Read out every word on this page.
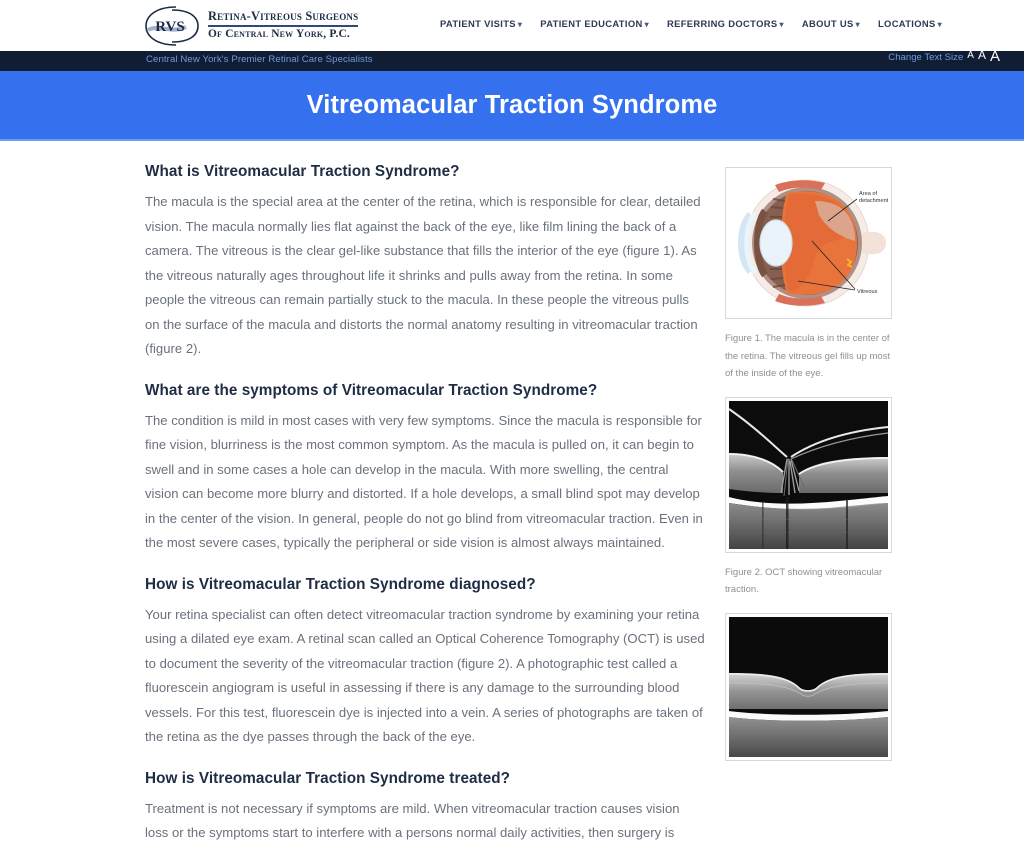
RVS
Retina-Vitreous Surgeons
Of Central New York, P.C.
PATIENT VISITS ▾ PATIENT EDUCATION ▾ REFERRING DOCTORS ▾ ABOUT US ▾ LOCATIONS ▾
Central New York's Premier Retinal Care Specialists	Change Text Size A A A
Vitreomacular Traction Syndrome
What is Vitreomacular Traction Syndrome?

The macula is the special area at the center of the retina, which is responsible for clear, detailed vision. The macula normally lies flat against the back of the eye, like film lining the back of a camera. The vitreous is the clear gel-like substance that fills the interior of the eye (figure 1). As the vitreous naturally ages throughout life it shrinks and pulls away from the retina. In some people the vitreous can remain partially stuck to the macula. In these people the vitreous pulls on the surface of the macula and distorts the normal anatomy resulting in vitreomacular traction (figure 2).

What are the symptoms of Vitreomacular Traction Syndrome?

The condition is mild in most cases with very few symptoms. Since the macula is responsible for fine vision, blurriness is the most common symptom. As the macula is pulled on, it can begin to swell and in some cases a hole can develop in the macula. With more swelling, the central vision can become more blurry and distorted. If a hole develops, a small blind spot may develop in the center of the vision. In general, people do not go blind from vitreomacular traction. Even in the most severe cases, typically the peripheral or side vision is almost always maintained.

How is Vitreomacular Traction Syndrome diagnosed?

Your retina specialist can often detect vitreomacular traction syndrome by examining your retina using a dilated eye exam. A retinal scan called an Optical Coherence Tomography (OCT) is used to document the severity of the vitreomacular traction (figure 2). A photographic test called a fluorescein angiogram is useful in assessing if there is any damage to the surrounding blood vessels. For this test, fluorescein dye is injected into a vein. A series of photographs are taken of the retina as the dye passes through the back of the eye.

How is Vitreomacular Traction Syndrome treated?

Treatment is not necessary if symptoms are mild. When vitreomacular traction causes vision loss or the symptoms start to interfere with a persons normal daily activities, then surgery is

Area of
detachment
Vitreous
Figure 1. The macula is in the center of the retina. The vitreous gel fills up most of the inside of the eye.
Figure 2. OCT showing vitreomacular traction.
